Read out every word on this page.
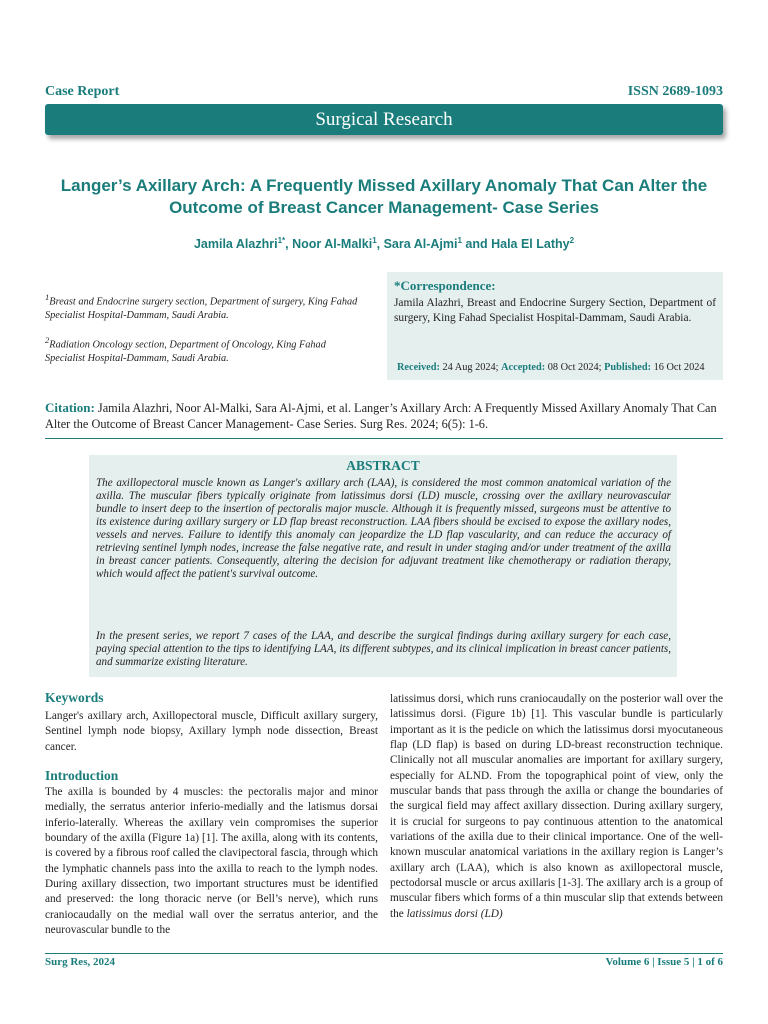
Case Report	ISSN 2689-1093
Surgical Research
Langer’s Axillary Arch: A Frequently Missed Axillary Anomaly That Can Alter the Outcome of Breast Cancer Management- Case Series
Jamila Alazhri$^{1*}$, Noor Al-Malki$^1$, Sara Al-Ajmi$^1$ and Hala El Lathy$^2$
$^1$Breast and Endocrine surgery section, Department of surgery, King Fahad Specialist Hospital-Dammam, Saudi Arabia.
$^2$Radiation Oncology section, Department of Oncology, King Fahad Specialist Hospital-Dammam, Saudi Arabia.
*Correspondence:
Jamila Alazhri, Breast and Endocrine Surgery Section, Department of surgery, King Fahad Specialist Hospital-Dammam, Saudi Arabia.
Received: 24 Aug 2024; Accepted: 08 Oct 2024; Published: 16 Oct 2024
Citation: Jamila Alazhri, Noor Al-Malki, Sara Al-Ajmi, et al. Langer’s Axillary Arch: A Frequently Missed Axillary Anomaly That Can Alter the Outcome of Breast Cancer Management- Case Series. Surg Res. 2024; 6(5): 1-6.
ABSTRACT
The axillopectoral muscle known as Langer's axillary arch (LAA), is considered the most common anatomical variation of the axilla. The muscular fibers typically originate from latissimus dorsi (LD) muscle, crossing over the axillary neurovascular bundle to insert deep to the insertion of pectoralis major muscle. Although it is frequently missed, surgeons must be attentive to its existence during axillary surgery or LD flap breast reconstruction. LAA fibers should be excised to expose the axillary nodes, vessels and nerves. Failure to identify this anomaly can jeopardize the LD flap vascularity, and can reduce the accuracy of retrieving sentinel lymph nodes, increase the false negative rate, and result in under staging and/or under treatment of the axilla in breast cancer patients. Consequently, altering the decision for adjuvant treatment like chemotherapy or radiation therapy, which would affect the patient's survival outcome.
In the present series, we report 7 cases of the LAA, and describe the surgical findings during axillary surgery for each case, paying special attention to the tips to identifying LAA, its different subtypes, and its clinical implication in breast cancer patients, and summarize existing literature.
Keywords
Langer's axillary arch, Axillopectoral muscle, Difficult axillary surgery, Sentinel lymph node biopsy, Axillary lymph node dissection, Breast cancer.
Introduction
The axilla is bounded by 4 muscles: the pectoralis major and minor medially, the serratus anterior inferio-medially and the latismus dorsai inferio-laterally. Whereas the axillary vein compromises the superior boundary of the axilla (Figure 1a) [1]. The axilla, along with its contents, is covered by a fibrous roof called the clavipectoral fascia, through which the lymphatic channels pass into the axilla to reach to the lymph nodes. During axillary dissection, two important structures must be identified and preserved: the long thoracic nerve (or Bell’s nerve), which runs craniocaudally on the medial wall over the serratus anterior, and the neurovascular bundle to the
latissimus dorsi, which runs craniocaudally on the posterior wall over the latissimus dorsi. (Figure 1b) [1]. This vascular bundle is particularly important as it is the pedicle on which the latissimus dorsi myocutaneous flap (LD flap) is based on during LD-breast reconstruction technique. Clinically not all muscular anomalies are important for axillary surgery, especially for ALND. From the topographical point of view, only the muscular bands that pass through the axilla or change the boundaries of the surgical field may affect axillary dissection. During axillary surgery, it is crucial for surgeons to pay continuous attention to the anatomical variations of the axilla due to their clinical importance. One of the well-known muscular anatomical variations in the axillary region is Langer’s axillary arch (LAA), which is also known as axillopectoral muscle, pectodorsal muscle or arcus axillaris [1-3]. The axillary arch is a group of muscular fibers which forms of a thin muscular slip that extends between the latissimus dorsi (LD)
Surg Res, 2024	Volume 6 | Issue 5 | 1 of 6
